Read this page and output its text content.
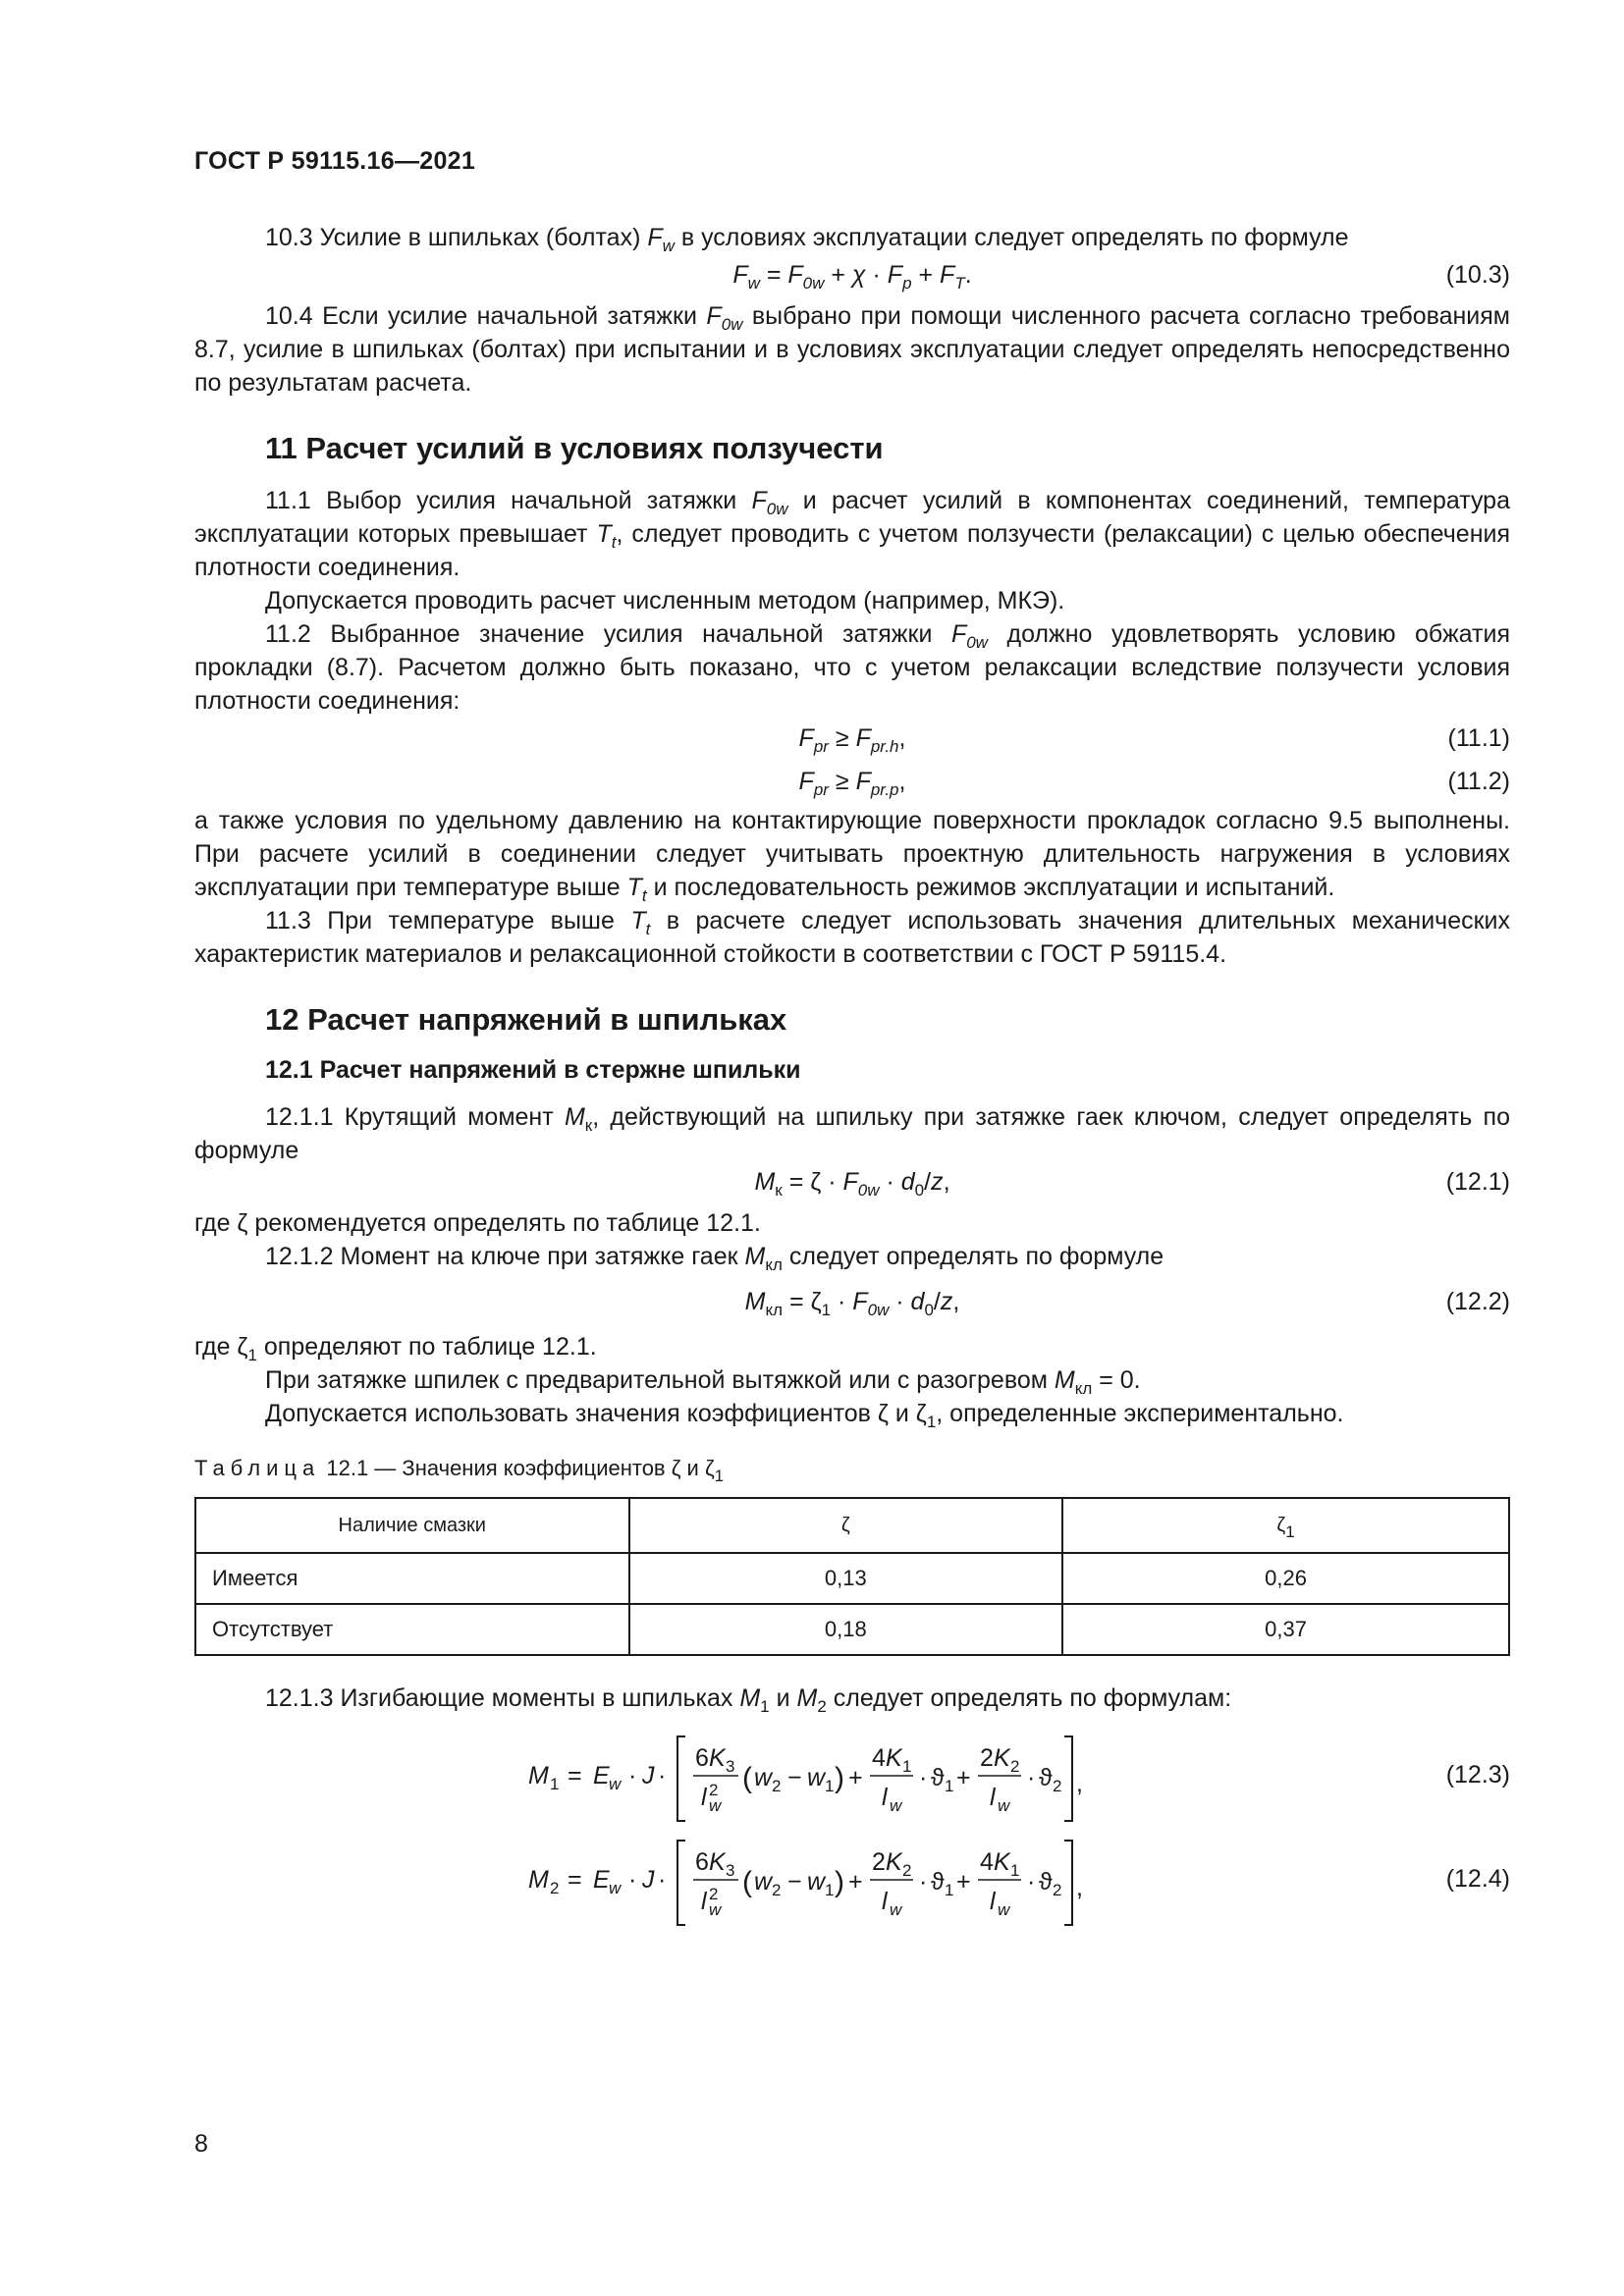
ГОСТ Р 59115.16—2021

10.3 Усилие в шпильках (болтах) $F_w$ в условиях эксплуатации следует определять по формуле

$F_w = F_{0w} + \chi \cdot F_p + F_T$.	(10.3)

10.4 Если усилие начальной затяжки $F_{0w}$ выбрано при помощи численного расчета согласно требованиям 8.7, усилие в шпильках (болтах) при испытании и в условиях эксплуатации следует определять непосредственно по результатам расчета.

11 Расчет усилий в условиях ползучести

11.1 Выбор усилия начальной затяжки $F_{0w}$ и расчет усилий в компонентах соединений, температура эксплуатации которых превышает $T_t$, следует проводить с учетом ползучести (релаксации) с целью обеспечения плотности соединения.

Допускается проводить расчет численным методом (например, МКЭ).

11.2 Выбранное значение усилия начальной затяжки $F_{0w}$ должно удовлетворять условию обжатия прокладки (8.7). Расчетом должно быть показано, что с учетом релаксации вследствие ползучести условия плотности соединения:

$F_{pr} \ge F_{pr.h}$,	(11.1)
$F_{pr} \ge F_{pr.p}$,	(11.2)

а также условия по удельному давлению на контактирующие поверхности прокладок согласно 9.5 выполнены. При расчете усилий в соединении следует учитывать проектную длительность нагружения в условиях эксплуатации при температуре выше $T_t$ и последовательность режимов эксплуатации и испытаний.

11.3 При температуре выше $T_t$ в расчете следует использовать значения длительных механических характеристик материалов и релаксационной стойкости в соответствии с ГОСТ Р 59115.4.

12 Расчет напряжений в шпильках
12.1 Расчет напряжений в стержне шпильки

12.1.1 Крутящий момент $M_к$, действующий на шпильку при затяжке гаек ключом, следует определять по формуле

$M_к = \zeta \cdot F_{0w} \cdot d_0/z$,	(12.1)

где ζ рекомендуется определять по таблице 12.1.

12.1.2 Момент на ключе при затяжке гаек $M_{кл}$ следует определять по формуле

$M_{кл} = \zeta_1 \cdot F_{0w} \cdot d_0/z$,	(12.2)

где $\zeta_1$ определяют по таблице 12.1.

При затяжке шпилек с предварительной вытяжкой или с разогревом $M_{кл} = 0$.

Допускается использовать значения коэффициентов ζ и $\zeta_1$, определенные экспериментально.

Таблица 12.1 — Значения коэффициентов ζ и $\zeta_1$
Наличие смазки	ζ	$\zeta_1$
Имеется	0,13	0,26
Отсутствует	0,18	0,37

12.1.3 Изгибающие моменты в шпильках $M_1$ и $M_2$ следует определять по формулам:

M 1 = E w · J ·
6 K 3
l w
2 ( w 2 − w 1 ) +
4 K 1
l w
· ϑ 1 +
2 K 2
l w
· ϑ 2 ,	(12.3)
M 2 = E w · J ·
6 K 3
l w
2 ( w 2 − w 1 ) +
2 K 2
l w
· ϑ 1 +
4 K 1
l w
· ϑ 2 ,	(12.4)
8
